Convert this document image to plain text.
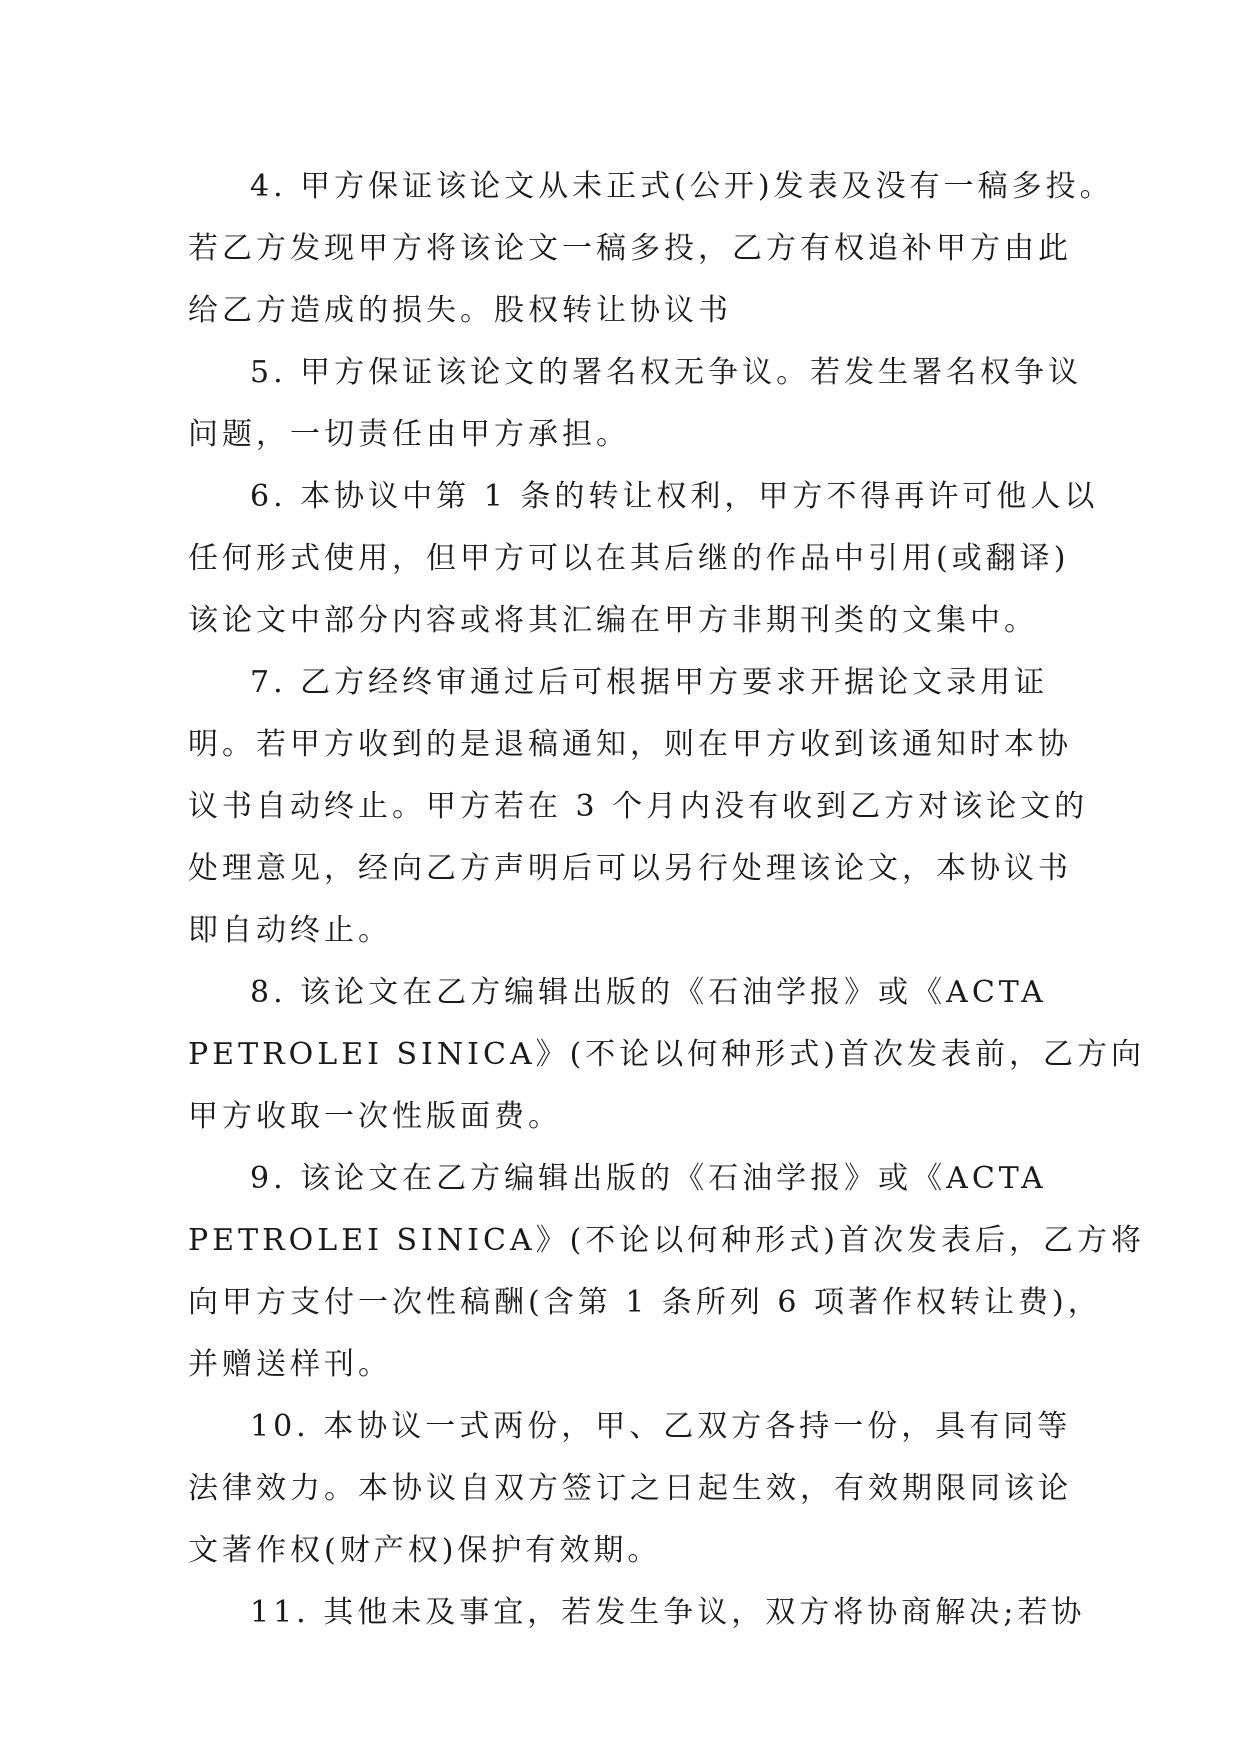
4. 甲方保证该论文从未正式(公开)发表及没有一稿多投。
若乙方发现甲方将该论文一稿多投，乙方有权追补甲方由此
给乙方造成的损失。股权转让协议书
5. 甲方保证该论文的署名权无争议。若发生署名权争议
问题，一切责任由甲方承担。
6. 本协议中第 1 条的转让权利，甲方不得再许可他人以
任何形式使用，但甲方可以在其后继的作品中引用(或翻译)
该论文中部分内容或将其汇编在甲方非期刊类的文集中。
7. 乙方经终审通过后可根据甲方要求开据论文录用证
明。若甲方收到的是退稿通知，则在甲方收到该通知时本协
议书自动终止。甲方若在 3 个月内没有收到乙方对该论文的
处理意见，经向乙方声明后可以另行处理该论文，本协议书
即自动终止。
8. 该论文在乙方编辑出版的《石油学报》或《ACTA
PETROLEI SINICA》(不论以何种形式)首次发表前，乙方向
甲方收取一次性版面费。
9. 该论文在乙方编辑出版的《石油学报》或《ACTA
PETROLEI SINICA》(不论以何种形式)首次发表后，乙方将
向甲方支付一次性稿酬(含第 1 条所列 6 项著作权转让费)，
并赠送样刊。
10. 本协议一式两份，甲、乙双方各持一份，具有同等
法律效力。本协议自双方签订之日起生效，有效期限同该论
文著作权(财产权)保护有效期。
11. 其他未及事宜，若发生争议，双方将协商解决;若协
